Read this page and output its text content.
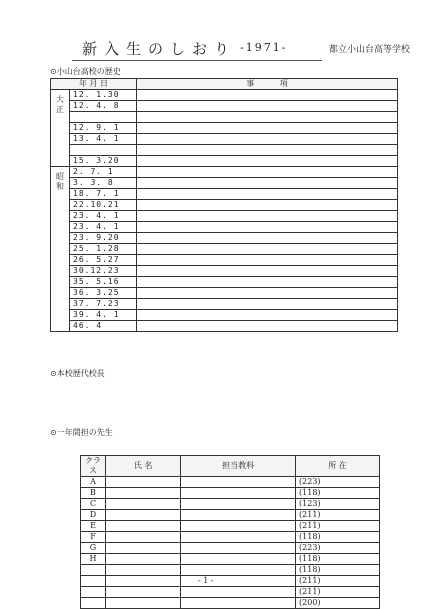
新入生のしおり -1971-	都立小山台高等学校
⊙小山台高校の歴史
年 月 日		事 項
大正	12. 1.30	
	12. 4. 8	

	12. 9. 1	
	13. 4. 1	

	15. 3.20	
昭和	2. 7. 1	
	3. 3. 8	
	18. 7. 1	
	22.10.21	
	23. 4. 1	
	23. 4. 1	
	23. 9.20	
	25. 1.28	
	26. 5.27	
	30.12.23	
	35. 5.16	
	36. 3.25	
	37. 7.23	
	39. 4. 1	
	46. 4	
⊙本校歴代校長
⊙一年間担の先生
クラス	氏 名	担当教科	所 在
A			(223)
B			(118)
C			(123)
D			(211)
E			(211)
F			(118)
G			(223)
H			(118)
			(118)
			(211)
			(211)
			(200)
- 1 -
